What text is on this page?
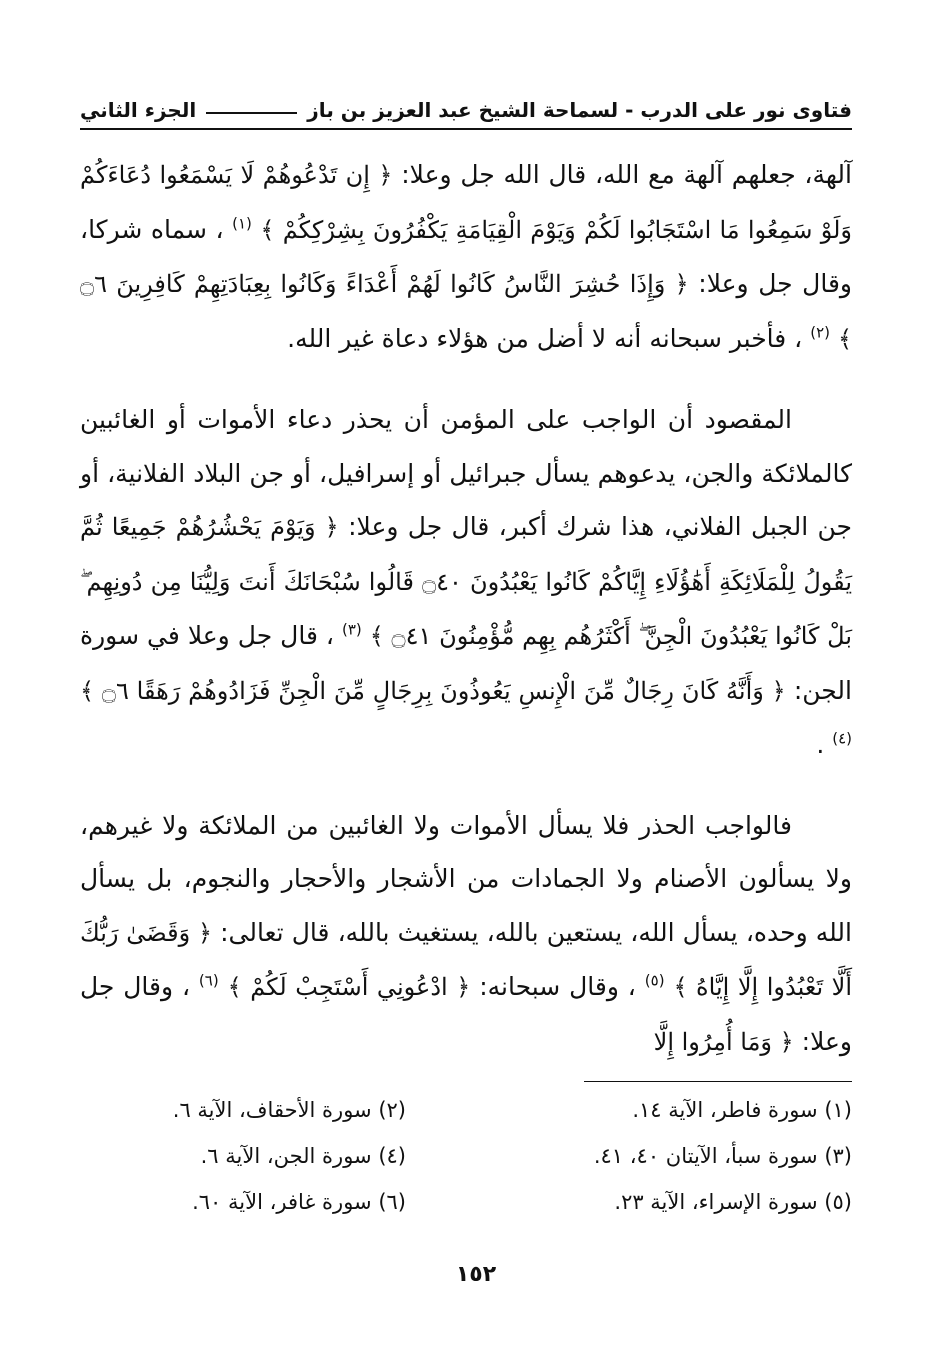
فتاوى نور على الدرب - لسماحة الشيخ عبد العزيز بن باز
الجزء الثاني

آلهة، جعلهم آلهة مع الله، قال الله جل وعلا: ﴿ إِن تَدْعُوهُمْ لَا يَسْمَعُوا دُعَاءَكُمْ وَلَوْ سَمِعُوا مَا اسْتَجَابُوا لَكُمْ وَيَوْمَ الْقِيَامَةِ يَكْفُرُونَ بِشِرْكِكُمْ ﴾ $^{(١)}$ ، سماه شركا، وقال جل وعلا: ﴿ وَإِذَا حُشِرَ النَّاسُ كَانُوا لَهُمْ أَعْدَاءً وَكَانُوا بِعِبَادَتِهِمْ كَافِرِينَ ۝٦ ﴾ $^{(٢)}$ ، فأخبر سبحانه أنه لا أضل من هؤلاء دعاة غير الله.

المقصود أن الواجب على المؤمن أن يحذر دعاء الأموات أو الغائبين كالملائكة والجن، يدعوهم يسأل جبرائيل أو إسرافيل، أو جن البلاد الفلانية، أو جن الجبل الفلاني، هذا شرك أكبر، قال جل وعلا: ﴿ وَيَوْمَ يَحْشُرُهُمْ جَمِيعًا ثُمَّ يَقُولُ لِلْمَلَائِكَةِ أَهَٰؤُلَاءِ إِيَّاكُمْ كَانُوا يَعْبُدُونَ ۝٤٠ قَالُوا سُبْحَانَكَ أَنتَ وَلِيُّنَا مِن دُونِهِم ۖ بَلْ كَانُوا يَعْبُدُونَ الْجِنَّ ۖ أَكْثَرُهُم بِهِم مُّؤْمِنُونَ ۝٤١ ﴾ $^{(٣)}$ ، قال جل وعلا في سورة الجن: ﴿ وَأَنَّهُ كَانَ رِجَالٌ مِّنَ الْإِنسِ يَعُوذُونَ بِرِجَالٍ مِّنَ الْجِنِّ فَزَادُوهُمْ رَهَقًا ۝٦ ﴾ $^{(٤)}$ .

فالواجب الحذر فلا يسأل الأموات ولا الغائبين من الملائكة ولا غيرهم، ولا يسألون الأصنام ولا الجمادات من الأشجار والأحجار والنجوم، بل يسأل الله وحده، يسأل الله، يستعين بالله، يستغيث بالله، قال تعالى: ﴿ وَقَضَىٰ رَبُّكَ أَلَّا تَعْبُدُوا إِلَّا إِيَّاهُ ﴾ $^{(٥)}$ ، وقال سبحانه: ﴿ ادْعُونِي أَسْتَجِبْ لَكُمْ ﴾ $^{(٦)}$ ، وقال جل وعلا: ﴿ وَمَا أُمِرُوا إِلَّا

(١) سورة فاطر، الآية ١٤.
(٢) سورة الأحقاف، الآية ٦.
(٣) سورة سبأ، الآيتان ٤٠، ٤١.
(٤) سورة الجن، الآية ٦.
(٥) سورة الإسراء، الآية ٢٣.
(٦) سورة غافر، الآية ٦٠.
١٥٢
